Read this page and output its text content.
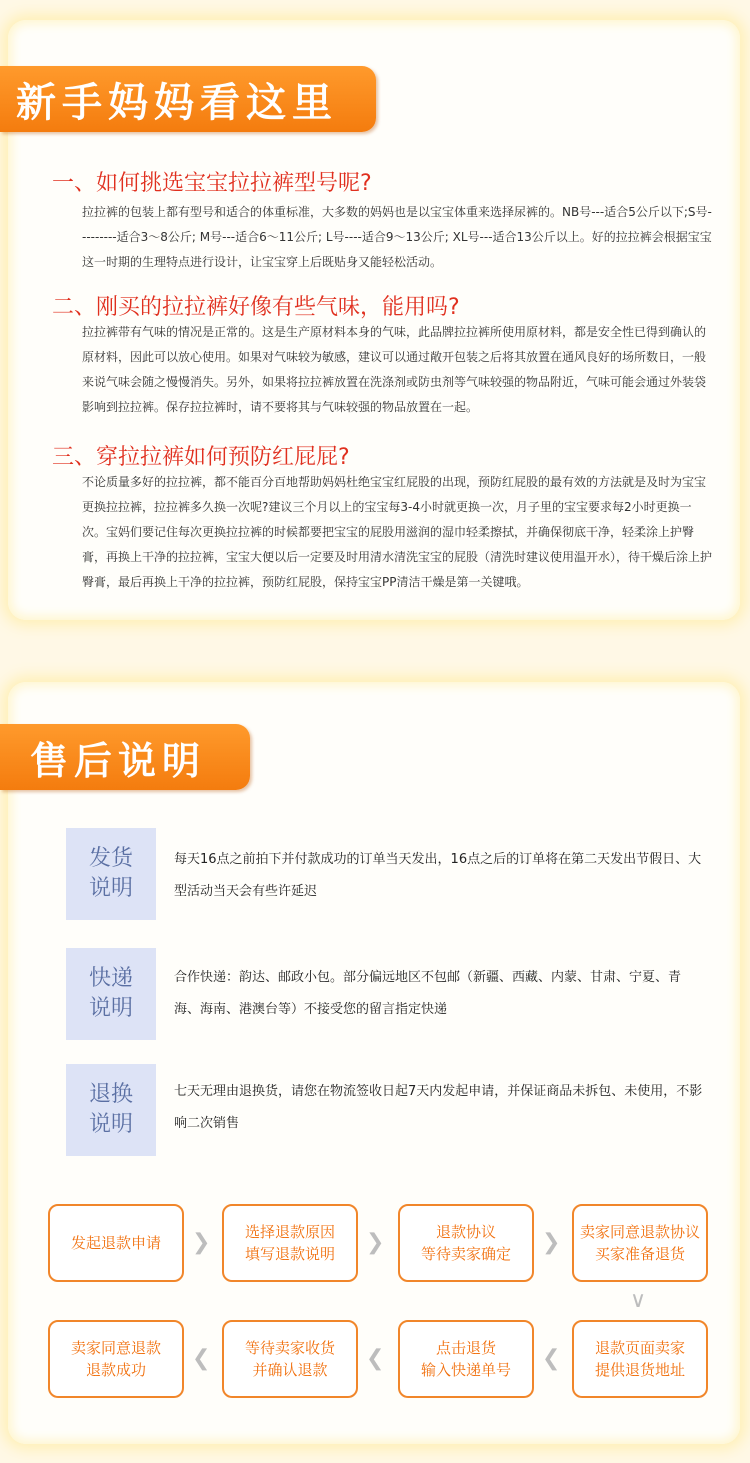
新手妈妈看这里
一、如何挑选宝宝拉拉裤型号呢?
拉拉裤的包装上都有型号和适合的体重标准，大多数的妈妈也是以宝宝体重来选择尿裤的。NB号---适合5公斤以下;S号---------适合3～8公斤; M号---适合6～11公斤; L号----适合9～13公斤; XL号---适合13公斤以上。好的拉拉裤会根据宝宝这一时期的生理特点进行设计，让宝宝穿上后既贴身又能轻松活动。
二、刚买的拉拉裤好像有些气味，能用吗?
拉拉裤带有气味的情况是正常的。这是生产原材料本身的气味，此品牌拉拉裤所使用原材料，都是安全性已得到确认的原材料，因此可以放心使用。如果对气味较为敏感，建议可以通过敞开包装之后将其放置在通风良好的场所数日，一般来说气味会随之慢慢消失。另外，如果将拉拉裤放置在洗涤剂或防虫剂等气味较强的物品附近，气味可能会通过外装袋影响到拉拉裤。保存拉拉裤时，请不要将其与气味较强的物品放置在一起。
三、穿拉拉裤如何预防红屁屁?
不论质量多好的拉拉裤，都不能百分百地帮助妈妈杜绝宝宝红屁股的出现，预防红屁股的最有效的方法就是及时为宝宝更换拉拉裤，拉拉裤多久换一次呢?建议三个月以上的宝宝每3-4小时就更换一次，月子里的宝宝要求每2小时更换一次。宝妈们要记住每次更换拉拉裤的时候都要把宝宝的屁股用滋润的湿巾轻柔擦拭，并确保彻底干净，轻柔涂上护臀膏，再换上干净的拉拉裤，宝宝大便以后一定要及时用清水清洗宝宝的屁股（清洗时建议使用温开水），待干燥后涂上护臀膏，最后再换上干净的拉拉裤，预防红屁股，保持宝宝PP清洁干燥是第一关键哦。
售后说明
发货
说明
每天16点之前拍下并付款成功的订单当天发出，16点之后的订单将在第二天发出节假日、大型活动当天会有些许延迟
快递
说明
合作快递：韵达、邮政小包。部分偏远地区不包邮（新疆、西藏、内蒙、甘肃、宁夏、青海、海南、港澳台等）不接受您的留言指定快递
退换
说明
七天无理由退换货，请您在物流签收日起7天内发起申请，并保证商品未拆包、未使用，不影响二次销售
发起退款申请 ❯ 选择退款原因
填写退款说明 ❯	退款协议
等待卖家确定 ❯ 卖家同意退款协议
买家准备退货
∨
退款页面卖家
提供退货地址
❮
点击退货
输入快递单号
❮
等待卖家收货
并确认退款
❮
卖家同意退款
退款成功
